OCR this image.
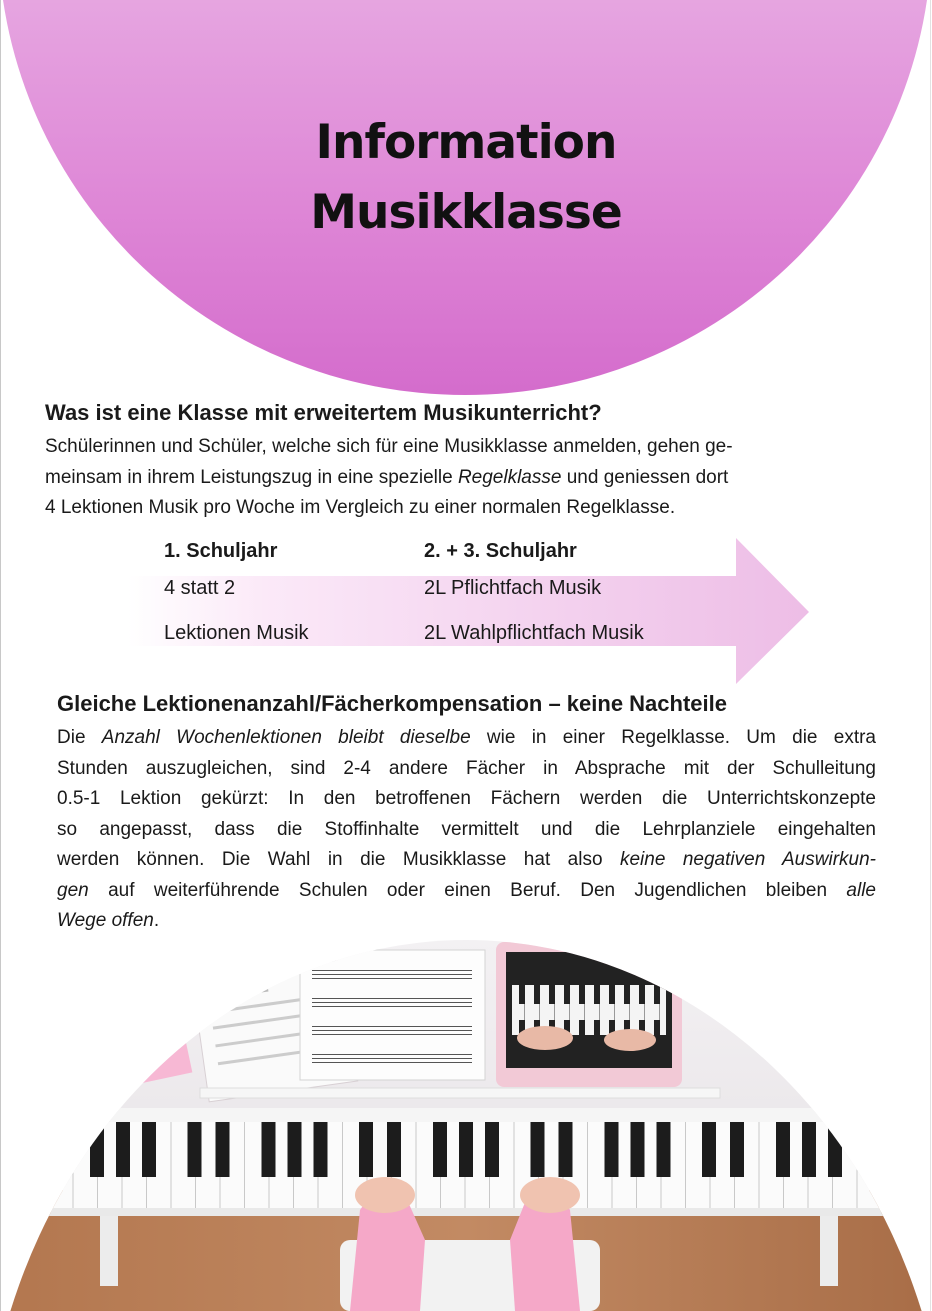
Information
Musikklasse
Was ist eine Klasse mit erweitertem Musikunterricht?
Schülerinnen und Schüler, welche sich für eine Musikklasse anmelden, gehen ge-
meinsam in ihrem Leistungszug in eine spezielle Regelklasse und geniessen dort
4 Lektionen Musik pro Woche im Vergleich zu einer normalen Regelklasse.
1. Schuljahr	2. + 3. Schuljahr
4 statt 2	2L Pflichtfach Musik
Lektionen Musik	2L Wahlpflichtfach Musik
Gleiche Lektionenanzahl/Fächerkompensation – keine Nachteile
Die Anzahl Wochenlektionen bleibt dieselbe wie in einer Regelklasse. Um die extra
Stunden auszugleichen, sind 2-4 andere Fächer in Absprache mit der Schulleitung
0.5-1 Lektion gekürzt: In den betroffenen Fächern werden die Unterrichtskonzepte
so angepasst, dass die Stoffinhalte vermittelt und die Lehrplanziele eingehalten
werden können. Die Wahl in die Musikklasse hat also keine negativen Auswirkun-
gen auf weiterführende Schulen oder einen Beruf. Den Jugendlichen bleiben alle
Wege offen.
